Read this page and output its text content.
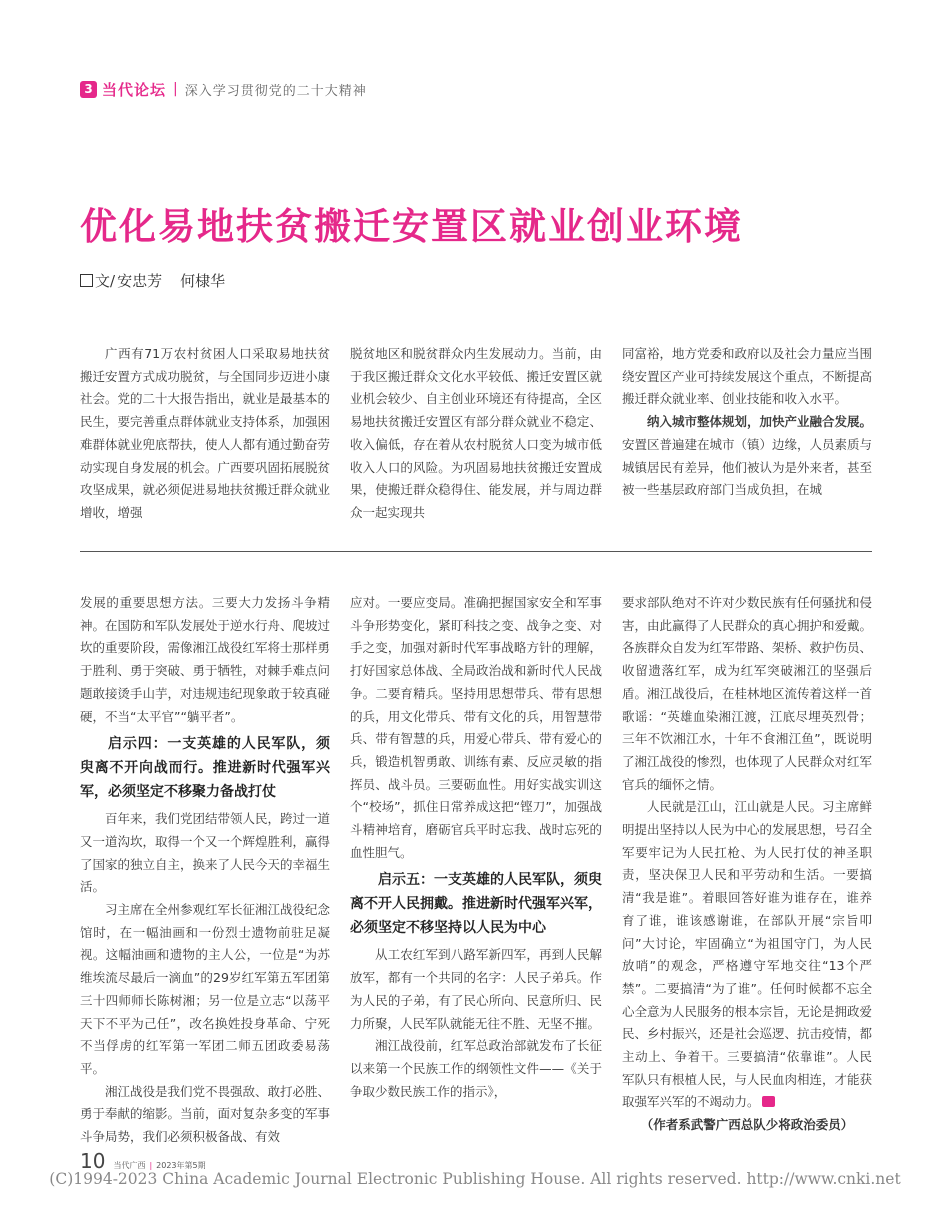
3 当代论坛 | 深入学习贯彻党的二十大精神
优化易地扶贫搬迁安置区就业创业环境
文/ 安忠芳 何棣华

广西有71万农村贫困人口采取易地扶贫搬迁安置方式成功脱贫，与全国同步迈进小康社会。党的二十大报告指出，就业是最基本的民生，要完善重点群体就业支持体系，加强困难群体就业兜底帮扶，使人人都有通过勤奋劳动实现自身发展的机会。广西要巩固拓展脱贫攻坚成果，就必须促进易地扶贫搬迁群众就业增收，增强

脱贫地区和脱贫群众内生发展动力。当前，由于我区搬迁群众文化水平较低、搬迁安置区就业机会较少、自主创业环境还有待提高，全区易地扶贫搬迁安置区有部分群众就业不稳定、收入偏低，存在着从农村脱贫人口变为城市低收入人口的风险。为巩固易地扶贫搬迁安置成果，使搬迁群众稳得住、能发展，并与周边群众一起实现共

同富裕，地方党委和政府以及社会力量应当围绕安置区产业可持续发展这个重点，不断提高搬迁群众就业率、创业技能和收入水平。

纳入城市整体规划，加快产业融合发展。安置区普遍建在城市（镇）边缘，人员素质与城镇居民有差异，他们被认为是外来者，甚至被一些基层政府部门当成负担，在城

发展的重要思想方法。三要大力发扬斗争精神。在国防和军队发展处于逆水行舟、爬坡过坎的重要阶段，需像湘江战役红军将士那样勇于胜利、勇于突破、勇于牺牲，对棘手难点问题敢接烫手山芋，对违规违纪现象敢于较真碰硬，不当“太平官”“躺平者”。

启示四：一支英雄的人民军队，须臾离不开向战而行。推进新时代强军兴军，必须坚定不移聚力备战打仗

百年来，我们党团结带领人民，跨过一道又一道沟坎，取得一个又一个辉煌胜利，赢得了国家的独立自主，换来了人民今天的幸福生活。

习主席在全州参观红军长征湘江战役纪念馆时，在一幅油画和一份烈士遗物前驻足凝视。这幅油画和遗物的主人公，一位是“为苏维埃流尽最后一滴血”的29岁红军第五军团第三十四师师长陈树湘；另一位是立志“以荡平天下不平为己任”，改名换姓投身革命、宁死不当俘虏的红军第一军团二师五团政委易荡平。

湘江战役是我们党不畏强敌、敢打必胜、勇于奉献的缩影。当前，面对复杂多变的军事斗争局势，我们必须积极备战、有效

应对。一要应变局。准确把握国家安全和军事斗争形势变化，紧盯科技之变、战争之变、对手之变，加强对新时代军事战略方针的理解，打好国家总体战、全局政治战和新时代人民战争。二要育精兵。坚持用思想带兵、带有思想的兵，用文化带兵、带有文化的兵，用智慧带兵、带有智慧的兵，用爱心带兵、带有爱心的兵，锻造机智勇敢、训练有素、反应灵敏的指挥员、战斗员。三要砺血性。用好实战实训这个“校场”，抓住日常养成这把“铿刀”，加强战斗精神培育，磨砺官兵平时忘我、战时忘死的血性胆气。

启示五：一支英雄的人民军队，须臾离不开人民拥戴。推进新时代强军兴军，必须坚定不移坚持以人民为中心

从工农红军到八路军新四军，再到人民解放军，都有一个共同的名字：人民子弟兵。作为人民的子弟，有了民心所向、民意所归、民力所聚，人民军队就能无往不胜、无坚不摧。

湘江战役前，红军总政治部就发布了长征以来第一个民族工作的纲领性文件——《关于争取少数民族工作的指示》，

要求部队绝对不许对少数民族有任何骚扰和侵害，由此赢得了人民群众的真心拥护和爱戴。各族群众自发为红军带路、架桥、救护伤员、收留遗落红军，成为红军突破湘江的坚强后盾。湘江战役后，在桂林地区流传着这样一首歌谣：“英雄血染湘江渡，江底尽埋英烈骨；三年不饮湘江水，十年不食湘江鱼”，既说明了湘江战役的惨烈，也体现了人民群众对红军官兵的缅怀之情。

人民就是江山，江山就是人民。习主席鲜明提出坚持以人民为中心的发展思想，号召全军要牢记为人民扛枪、为人民打仗的神圣职责，坚决保卫人民和平劳动和生活。一要搞清“我是谁”。着眼回答好谁为谁存在，谁养育了谁，谁该感谢谁，在部队开展“宗旨叩问”大讨论，牢固确立“为祖国守门，为人民放哨”的观念，严格遵守军地交往“13个严禁”。二要搞清“为了谁”。任何时候都不忘全心全意为人民服务的根本宗旨，无论是拥政爱民、乡村振兴，还是社会巡逻、抗击疫情，都主动上、争着干。三要搞清“依靠谁”。人民军队只有根植人民，与人民血肉相连，才能获取强军兴军的不竭动力。

（作者系武警广西总队少将政治委员）

10 当代广西 | 2023年第5期
(C)1994-2023 China Academic Journal Electronic Publishing House. All rights reserved. http://www.cnki.net
